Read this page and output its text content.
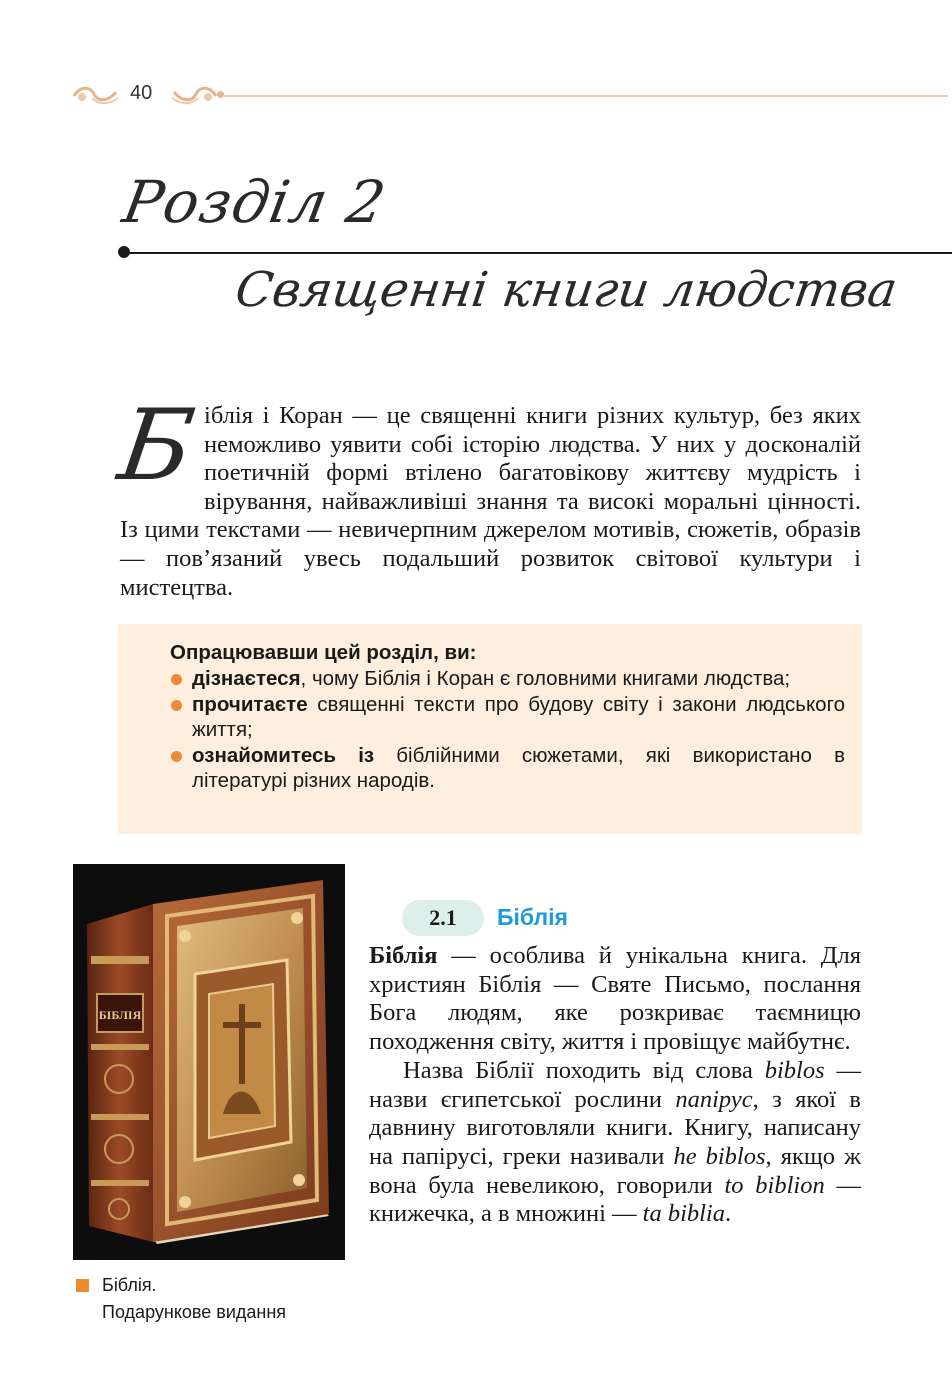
40
Розділ 2
Священні книги людства
Біблія і Коран — це священні книги різних культур, без яких неможливо уявити собі історію людства. У них у досконалій поетичній формі втілено багатовікову життєву мудрість і вірування, найважливіші знання та високі моральні цінності. Із цими текстами — невичерпним джерелом мотивів, сюжетів, образів — пов’язаний увесь подальший розвиток світової культури і мистецтва.
Опрацювавши цей розділ, ви:
дізнаєтеся, чому Біблія і Коран є головними книгами людства;
прочитаєте священні тексти про будову світу і закони людського життя;
ознайомитесь із біблійними сюжетами, які використано в літературі різних народів.
БІБЛІЯ
Біблія.
Подарункове видання
2.1	Біблія

Біблія — особлива й унікальна книга. Для християн Біблія — Святе Письмо, послання Бога людям, яке розкриває таємницю походження світу, життя і провіщує майбутнє.

Назва Біблії походить від слова biblos — назви єгипетської рослини папірус, з якої в давнину виготовляли книги. Книгу, написану на папірусі, греки називали he biblos, якщо ж вона була невеликою, говорили to biblion — книжечка, а в множині — ta biblia.
